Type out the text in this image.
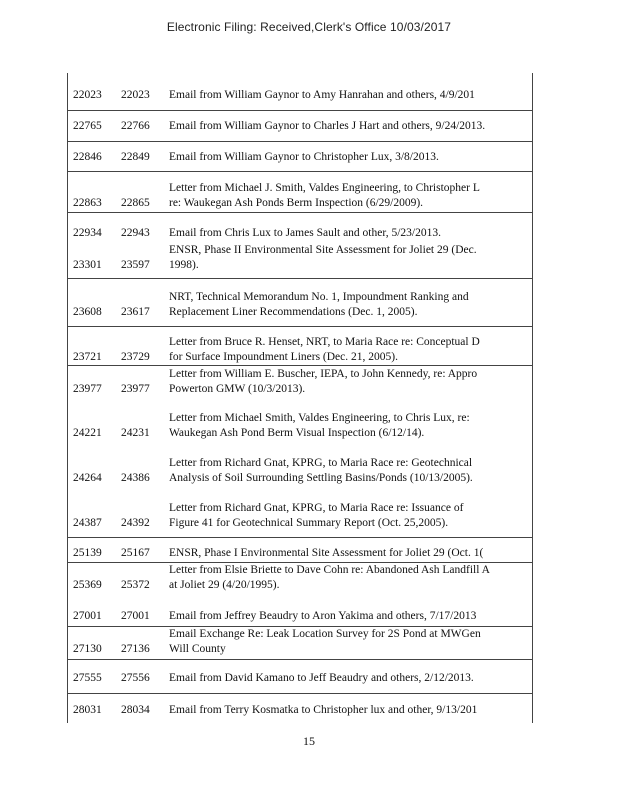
Electronic Filing: Received,Clerk's Office 10/03/2017
22023 22023 Email from William Gaynor to Amy Hanrahan and others, 4/9/201
22765 22766 Email from William Gaynor to Charles J Hart and others, 9/24/2013.
22846 22849 Email from William Gaynor to Christopher Lux, 3/8/2013.
Letter from Michael J. Smith, Valdes Engineering, to Christopher L
22863 22865 re: Waukegan Ash Ponds Berm Inspection (6/29/2009).
22934 22943 Email from Chris Lux to James Sault and other, 5/23/2013.
ENSR, Phase II Environmental Site Assessment for Joliet 29 (Dec.
23301 23597 1998).
NRT, Technical Memorandum No. 1, Impoundment Ranking and
23608 23617 Replacement Liner Recommendations (Dec. 1, 2005).
Letter from Bruce R. Henset, NRT, to Maria Race re: Conceptual D
23721 23729 for Surface Impoundment Liners (Dec. 21, 2005).
Letter from William E. Buscher, IEPA, to John Kennedy, re: Appro
23977 23977 Powerton GMW (10/3/2013).
Letter from Michael Smith, Valdes Engineering, to Chris Lux, re:
24221 24231 Waukegan Ash Pond Berm Visual Inspection (6/12/14).
Letter from Richard Gnat, KPRG, to Maria Race re: Geotechnical
24264 24386 Analysis of Soil Surrounding Settling Basins/Ponds (10/13/2005).
Letter from Richard Gnat, KPRG, to Maria Race re: Issuance of
24387 24392 Figure 41 for Geotechnical Summary Report (Oct. 25,2005).
25139 25167 ENSR, Phase I Environmental Site Assessment for Joliet 29 (Oct. 1(
Letter from Elsie Briette to Dave Cohn re: Abandoned Ash Landfill A
25369 25372 at Joliet 29 (4/20/1995).
27001 27001 Email from Jeffrey Beaudry to Aron Yakima and others, 7/17/2013
Email Exchange Re: Leak Location Survey for 2S Pond at MWGen
27130 27136 Will County
27555 27556 Email from David Kamano to Jeff Beaudry and others, 2/12/2013.
28031 28034 Email from Terry Kosmatka to Christopher lux and other, 9/13/201
15
